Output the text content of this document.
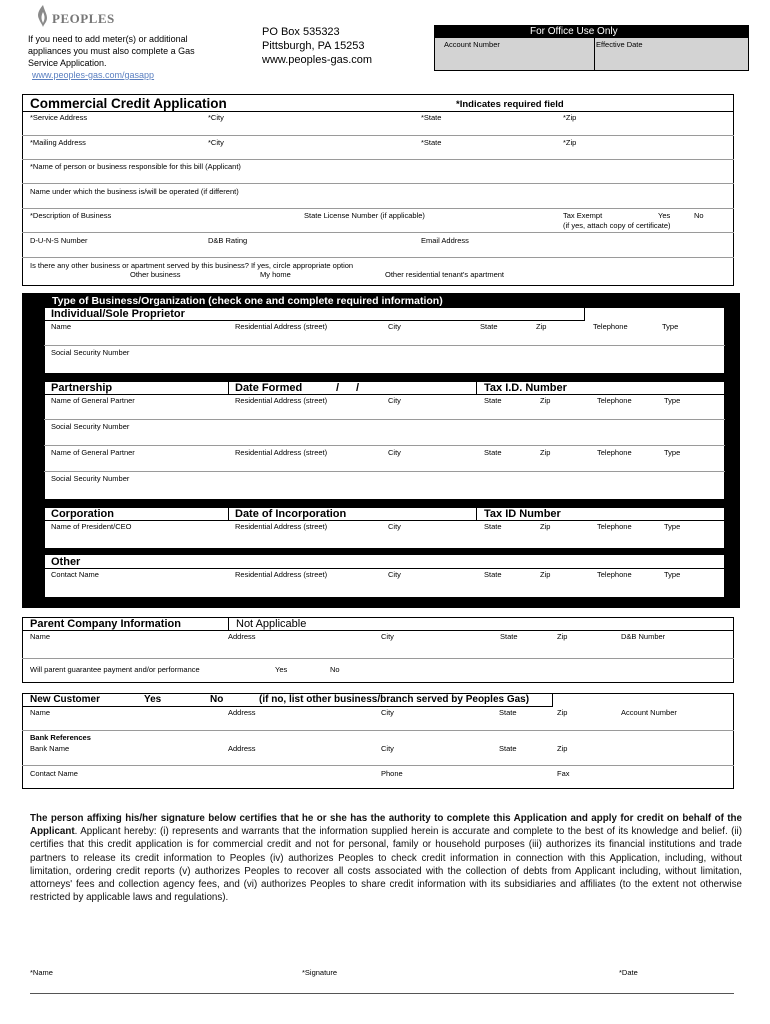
PEOPLES
If you need to add meter(s) or additional
appliances you must also complete a Gas
Service Application.
www.peoples-gas.com/gasapp
PO Box 535323
Pittsburgh, PA 15253
www.peoples-gas.com
For Office Use Only
Account Number	Effective Date
Commercial Credit Application	*Indicates required field
*Service Address	*City	*State	*Zip
*Mailing Address	*City	*State	*Zip
*Name of person or business responsible for this bill (Applicant)
Name under which the business is/will be operated (if different)
*Description of Business	State License Number (if applicable)	Tax Exempt	Yes	No
(if yes, attach copy of certificate)
D-U-N-S Number	D&B Rating	Email Address
Is there any other business or apartment served by this business? If yes, circle appropriate option
Other business	My home	Other residential tenant's apartment
Type of Business/Organization (check one and complete required information)
Individual/Sole Proprietor
Name	Residential Address (street)	City	State	Zip	Telephone	Type
Social Security Number
Partnership	Date Formed	/ /	Tax I.D. Number
Name of General Partner	Residential Address (street)	City	State	Zip	Telephone	Type
Social Security Number
Name of General Partner	Residential Address (street)	City	State	Zip	Telephone	Type
Social Security Number
Corporation	Date of Incorporation	Tax ID Number
Name of President/CEO	Residential Address (street)	City	State	Zip	Telephone	Type
Other
Contact Name	Residential Address (street)	City	State	Zip	Telephone	Type
Parent Company Information	Not Applicable
Name	Address	City	State	Zip	D&B Number
Will parent guarantee payment and/or performance	Yes	No
New Customer	Yes	No	(if no, list other business/branch served by Peoples Gas)
Name	Address	City	State	Zip	Account Number
Bank References
Bank Name	Address	City	State	Zip
Contact Name	Phone	Fax
The person affixing his/her signature below certifies that he or she has the authority to complete this Application and apply for credit on behalf of the Applicant. Applicant hereby: (i) represents and warrants that the information supplied herein is accurate and complete to the best of its knowledge and belief. (ii) certifies that this credit application is for commercial credit and not for personal, family or household purposes (iii) authorizes its financial institutions and trade partners to release its credit information to Peoples (iv) authorizes Peoples to check credit information in connection with this Application, including, without limitation, ordering credit reports (v) authorizes Peoples to recover all costs associated with the collection of debts from Applicant including, without limitation, attorneys' fees and collection agency fees, and (vi) authorizes Peoples to share credit information with its subsidiaries and affiliates (to the extent not otherwise restricted by applicable laws and regulations).
*Name	*Signature	*Date
